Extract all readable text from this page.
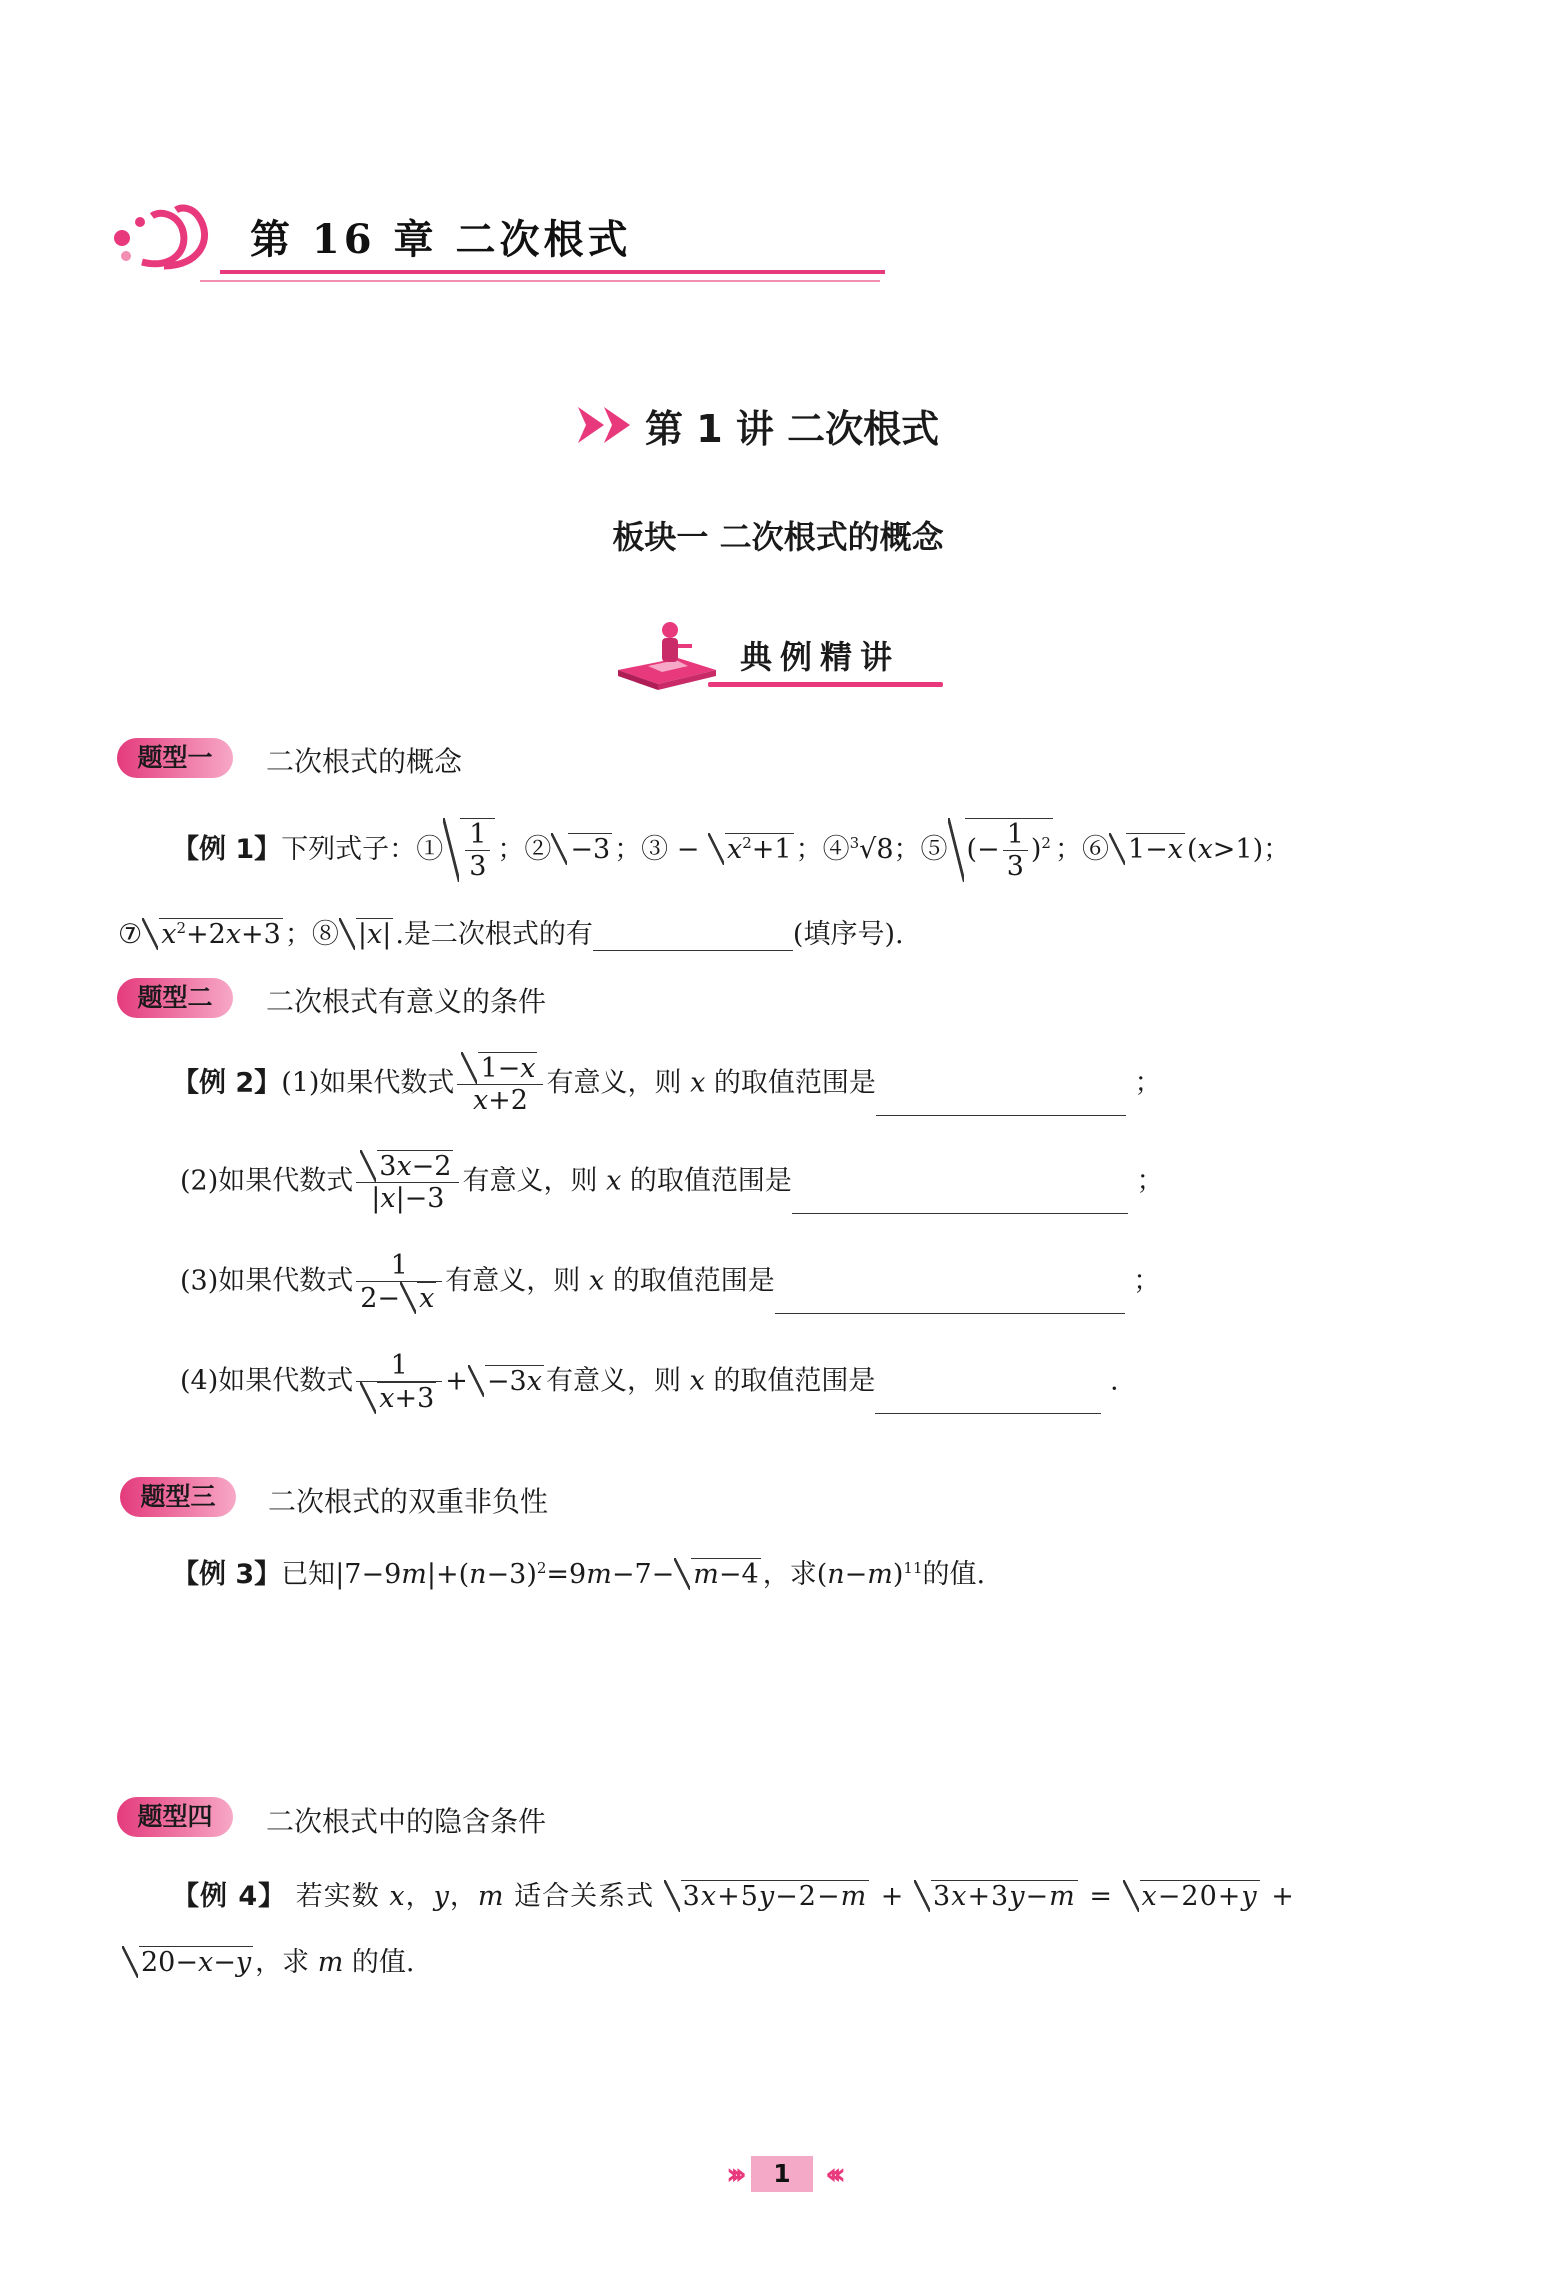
第 16 章 二次根式
第 1 讲 二次根式
板块一 二次根式的概念
典例精讲
题型一	二次根式的概念
【例 1】下列式子：① $\frac{1}{3}$ ；② −3 ；③ − $x^2+1$ ；④$^3$√8；⑤ (− $\frac{1}{3} )^2$ ；⑥ 1−x (x>1)；
⑦ $x^2+2x+3$ ；⑧ |x| .是二次根式的有	(填序号).
题型二	二次根式有意义的条件
【例 2】(1)如果代数式 $\frac{1-x}{x+2}$ 有意义，则 x 的取值范围是	；
(2)如果代数式 $\frac{3x-2}{|x|-3}$ 有意义，则 x 的取值范围是	；
(3)如果代数式 $\frac{1}{2- x}$ 有意义，则 x 的取值范围是	；
(4)如果代数式 $\frac{1}{x+3} + -3x$ 有意义，则 x 的取值范围是	.
题型三	二次根式的双重非负性
【例 3】已知$|7-9m|+(n-3)^2=9m-7- m-4$ ，求$(n-m)^{11}$的值.
题型四	二次根式中的隐含条件
【例 4】 若实数 x，y，m 适合关系式 3x+5y−2−m + 3x+3y−m = x−20+y +
20−x−y ，求 m 的值.
››› 1 ‹‹‹
